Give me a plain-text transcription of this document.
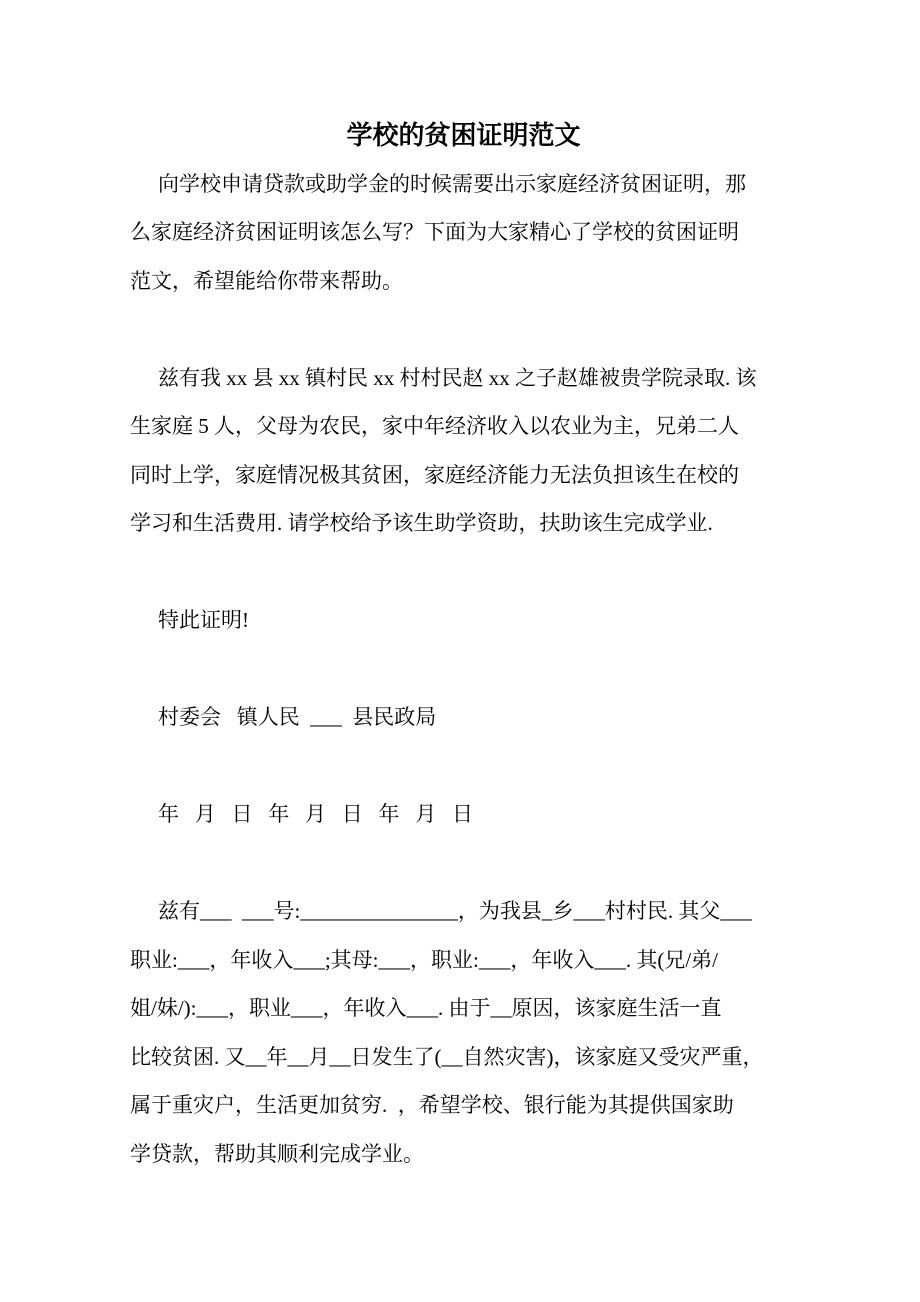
学校的贫困证明范文
向学校申请贷款或助学金的时候需要出示家庭经济贫困证明，那
么家庭经济贫困证明该怎么写？下面为大家精心了学校的贫困证明
范文，希望能给你带来帮助。
兹有我 xx 县 xx 镇村民 xx 村村民赵 xx 之子赵雄被贵学院录取. 该
生家庭 5 人，父母为农民，家中年经济收入以农业为主，兄弟二人
同时上学，家庭情况极其贫困，家庭经济能力无法负担该生在校的
学习和生活费用. 请学校给予该生助学资助，扶助该生完成学业.
特此证明!
村委会   镇人民  ___  县民政局
年   月   日   年   月   日   年   月   日
兹有___  ___号:_______________，为我县_乡___村村民. 其父___
职业:___，年收入___;其母:___，职业:___，年收入___. 其(兄/弟/
姐/妹/):___，职业___，年收入___. 由于__原因，该家庭生活一直
比较贫困. 又__年__月__日发生了(__自然灾害)，该家庭又受灾严重，
属于重灾户，生活更加贫穷.  ，希望学校、银行能为其提供国家助
学贷款，帮助其顺利完成学业。
